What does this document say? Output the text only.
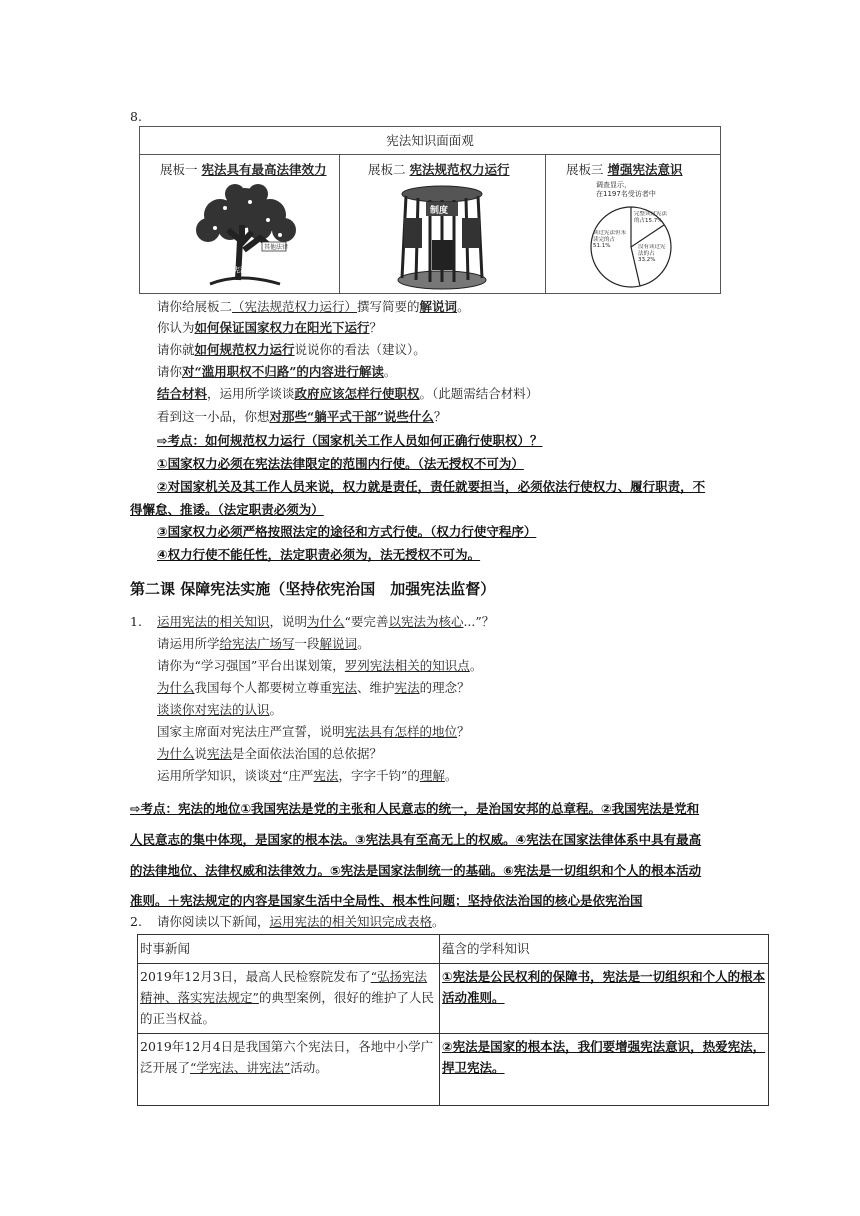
8.
宪法知识面面观
展板一 宪法具有最高法律效力
其他法律
宪法
展板二 宪法规范权力运行
制度
展板三 增强宪法意识
调查显示，
在1197名受访者中
完整读过宪法的占15.7%
读过宪法但未读完的占51.1%	没有读过宪法的占33.2%
请你给展板二（宪法规范权力运行）撰写简要的解说词。
你认为如何保证国家权力在阳光下运行？
请你就如何规范权力运行说说你的看法（建议）。
请你对“滥用职权不归路”的内容进行解读。
结合材料，运用所学谈谈政府应该怎样行使职权。（此题需结合材料）
看到这一小品，你想对那些“躺平式干部”说些什么？
⇨考点：如何规范权力运行（国家机关工作人员如何正确行使职权）？
①国家权力必须在宪法法律限定的范围内行使。（法无授权不可为）
②对国家机关及其工作人员来说，权力就是责任，责任就要担当，必须依法行使权力、履行职责，不
得懈怠、推诿。（法定职责必须为）
③国家权力必须严格按照法定的途径和方式行使。（权力行使守程序）
④权力行使不能任性，法定职责必须为，法无授权不可为。
第二课 保障宪法实施（坚持依宪治国　加强宪法监督）
1. 运用宪法的相关知识，说明为什么“要完善以宪法为核心...”？
请运用所学给宪法广场写一段解说词。
请你为“学习强国”平台出谋划策，罗列宪法相关的知识点。
为什么我国每个人都要树立尊重宪法、维护宪法的理念？
谈谈你对宪法的认识。
国家主席面对宪法庄严宣誓，说明宪法具有怎样的地位？
为什么说宪法是全面依法治国的总依据？
运用所学知识，谈谈对“庄严宪法，字字千钧”的理解。
⇨考点：宪法的地位①我国宪法是党的主张和人民意志的统一，是治国安邦的总章程。②我国宪法是党和
人民意志的集中体现，是国家的根本法。③宪法具有至高无上的权威。④宪法在国家法律体系中具有最高
的法律地位、法律权威和法律效力。⑤宪法是国家法制统一的基础。⑥宪法是一切组织和个人的根本活动
准则。＋宪法规定的内容是国家生活中全局性、根本性问题；坚持依法治国的核心是依宪治国
2. 请你阅读以下新闻，运用宪法的相关知识完成表格。
时事新闻	蕴含的学科知识
2019年12月3日，最高人民检察院发布了“弘扬宪法精神、落实宪法规定”的典型案例，很好的维护了人民的正当权益。
①宪法是公民权利的保障书，宪法是一切组织和个人的根本活动准则。
2019年12月4日是我国第六个宪法日，各地中小学广泛开展了“学宪法、讲宪法”活动。
②宪法是国家的根本法，我们要增强宪法意识，热爱宪法，捍卫宪法。
